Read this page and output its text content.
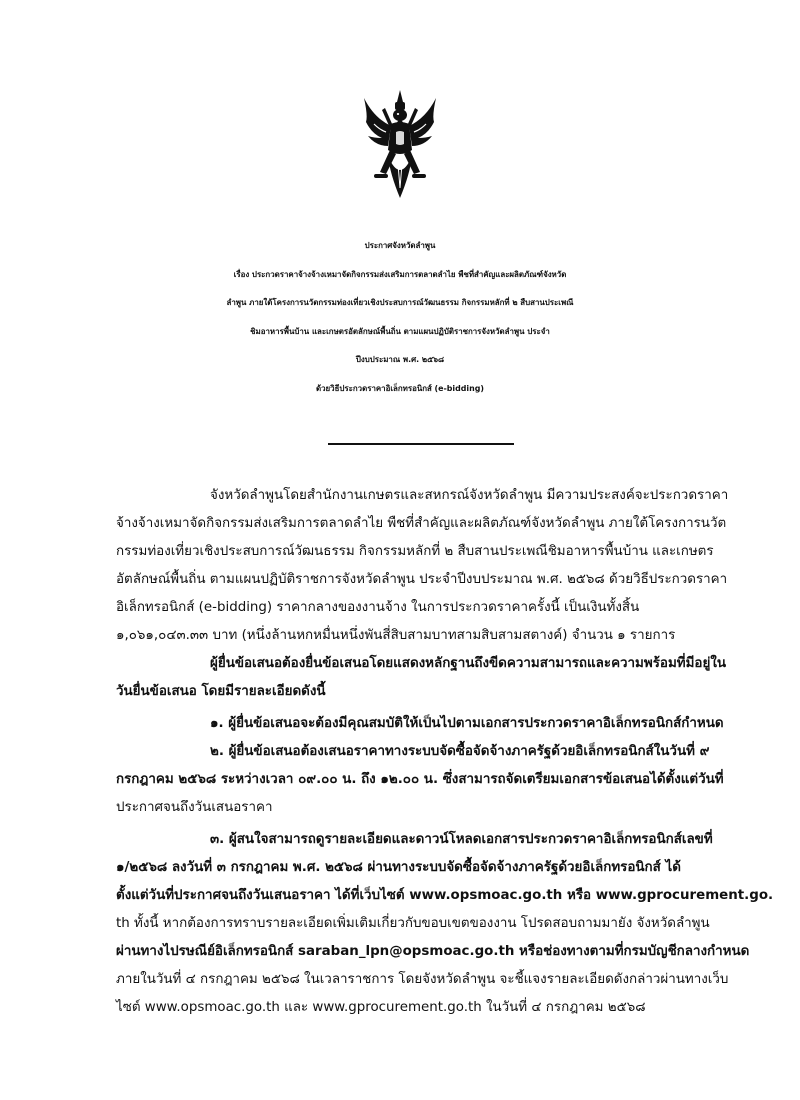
ประกาศจังหวัดลำพูน
เรื่อง ประกวดราคาจ้างจ้างเหมาจัดกิจกรรมส่งเสริมการตลาดลำไย พืชที่สำคัญและผลิตภัณฑ์จังหวัด
ลำพูน ภายใต้โครงการนวัตกรรมท่องเที่ยวเชิงประสบการณ์วัฒนธรรม กิจกรรมหลักที่ ๒ สืบสานประเพณี
ชิมอาหารพื้นบ้าน และเกษตรอัตลักษณ์พื้นถิ่น ตามแผนปฏิบัติราชการจังหวัดลำพูน ประจำ
ปีงบประมาณ พ.ศ. ๒๕๖๘
ด้วยวิธีประกวดราคาอิเล็กทรอนิกส์ (e-bidding)
จังหวัดลำพูนโดยสำนักงานเกษตรและสหกรณ์จังหวัดลำพูน มีความประสงค์จะประกวดราคา
จ้างจ้างเหมาจัดกิจกรรมส่งเสริมการตลาดลำไย พืชที่สำคัญและผลิตภัณฑ์จังหวัดลำพูน ภายใต้โครงการนวัต
กรรมท่องเที่ยวเชิงประสบการณ์วัฒนธรรม กิจกรรมหลักที่ ๒ สืบสานประเพณีชิมอาหารพื้นบ้าน และเกษตร
อัตลักษณ์พื้นถิ่น ตามแผนปฏิบัติราชการจังหวัดลำพูน ประจำปีงบประมาณ พ.ศ. ๒๕๖๘ ด้วยวิธีประกวดราคา
อิเล็กทรอนิกส์ (e-bidding) ราคากลางของงานจ้าง ในการประกวดราคาครั้งนี้ เป็นเงินทั้งสิ้น
๑,๐๖๑,๐๔๓.๓๓ บาท (หนึ่งล้านหกหมื่นหนึ่งพันสี่สิบสามบาทสามสิบสามสตางค์) จำนวน ๑ รายการ
ผู้ยื่นข้อเสนอต้องยื่นข้อเสนอโดยแสดงหลักฐานถึงขีดความสามารถและความพร้อมที่มีอยู่ใน
วันยื่นข้อเสนอ โดยมีรายละเอียดดังนี้
๑. ผู้ยื่นข้อเสนอจะต้องมีคุณสมบัติให้เป็นไปตามเอกสารประกวดราคาอิเล็กทรอนิกส์กำหนด
๒. ผู้ยื่นข้อเสนอต้องเสนอราคาทางระบบจัดซื้อจัดจ้างภาครัฐด้วยอิเล็กทรอนิกส์ในวันที่ ๙
กรกฎาคม ๒๕๖๘ ระหว่างเวลา ๐๙.๐๐ น. ถึง ๑๒.๐๐ น. ซึ่งสามารถจัดเตรียมเอกสารข้อเสนอได้ตั้งแต่วันที่
ประกาศจนถึงวันเสนอราคา
๓. ผู้สนใจสามารถดูรายละเอียดและดาวน์โหลดเอกสารประกวดราคาอิเล็กทรอนิกส์เลขที่
๑/๒๕๖๘ ลงวันที่ ๓ กรกฎาคม พ.ศ. ๒๕๖๘ ผ่านทางระบบจัดซื้อจัดจ้างภาครัฐด้วยอิเล็กทรอนิกส์ ได้
ตั้งแต่วันที่ประกาศจนถึงวันเสนอราคา ได้ที่เว็บไซต์ www.opsmoac.go.th หรือ www.gprocurement.go.
th ทั้งนี้ หากต้องการทราบรายละเอียดเพิ่มเติมเกี่ยวกับขอบเขตของงาน โปรดสอบถามมายัง จังหวัดลำพูน
ผ่านทางไปรษณีย์อิเล็กทรอนิกส์ saraban_lpn@opsmoac.go.th หรือช่องทางตามที่กรมบัญชีกลางกำหนด
ภายในวันที่ ๔ กรกฎาคม ๒๕๖๘ ในเวลาราชการ โดยจังหวัดลำพูน จะชี้แจงรายละเอียดดังกล่าวผ่านทางเว็บ
ไซต์ www.opsmoac.go.th และ www.gprocurement.go.th ในวันที่ ๔ กรกฎาคม ๒๕๖๘
